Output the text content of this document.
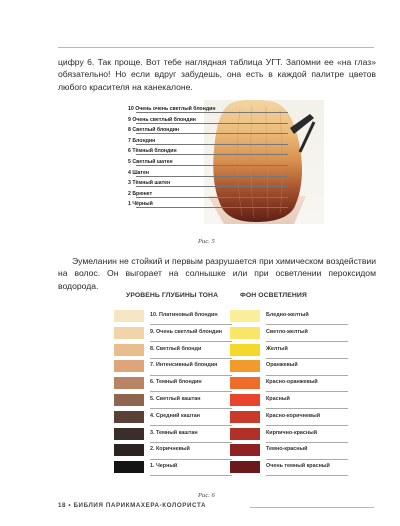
цифру 6. Так проще. Вот тебе наглядная таблица УГТ. Запомни ее «на глаз» обязательно! Но если вдруг забудешь, она есть в каждой палитре цветов любого красителя на канекалоне.

10 Очень очень светлый блондин
9 Очень светлый блондин
8 Светлый блондин
7 Блондин
6 Тёмный блондин
5 Светлый шатен
4 Шатен
3 Тёмный шатен
2 Брюнет
1 Чёрный
Рис. 5

Эумеланин не стойкий и первым разрушается при химическом воздействии на волос. Он выгорает на солнышке или при осветлении пероксидом водорода.

УРОВЕНЬ ГЛУБИНЫ ТОНА	ФОН ОСВЕТЛЕНИЯ
10. Платиновый блондин
9. Очень светлый блондин
8. Светлый блонди
7. Интенсивный блондин
6. Темный блондин
5. Светлый каштан
4. Средний каштан
3. Темный каштан
2. Коричневый
1. Черный
Бледно-желтый
Светло-желтый
Желтый
Оранжевый
Красно-оранжевый
Красный
Красно-коричневый
Кирпично-красный
Темно-красный
Очень темный красный
Рис. 6
18 • БИБЛИЯ ПАРИКМАХЕРА-КОЛОРИСТА
